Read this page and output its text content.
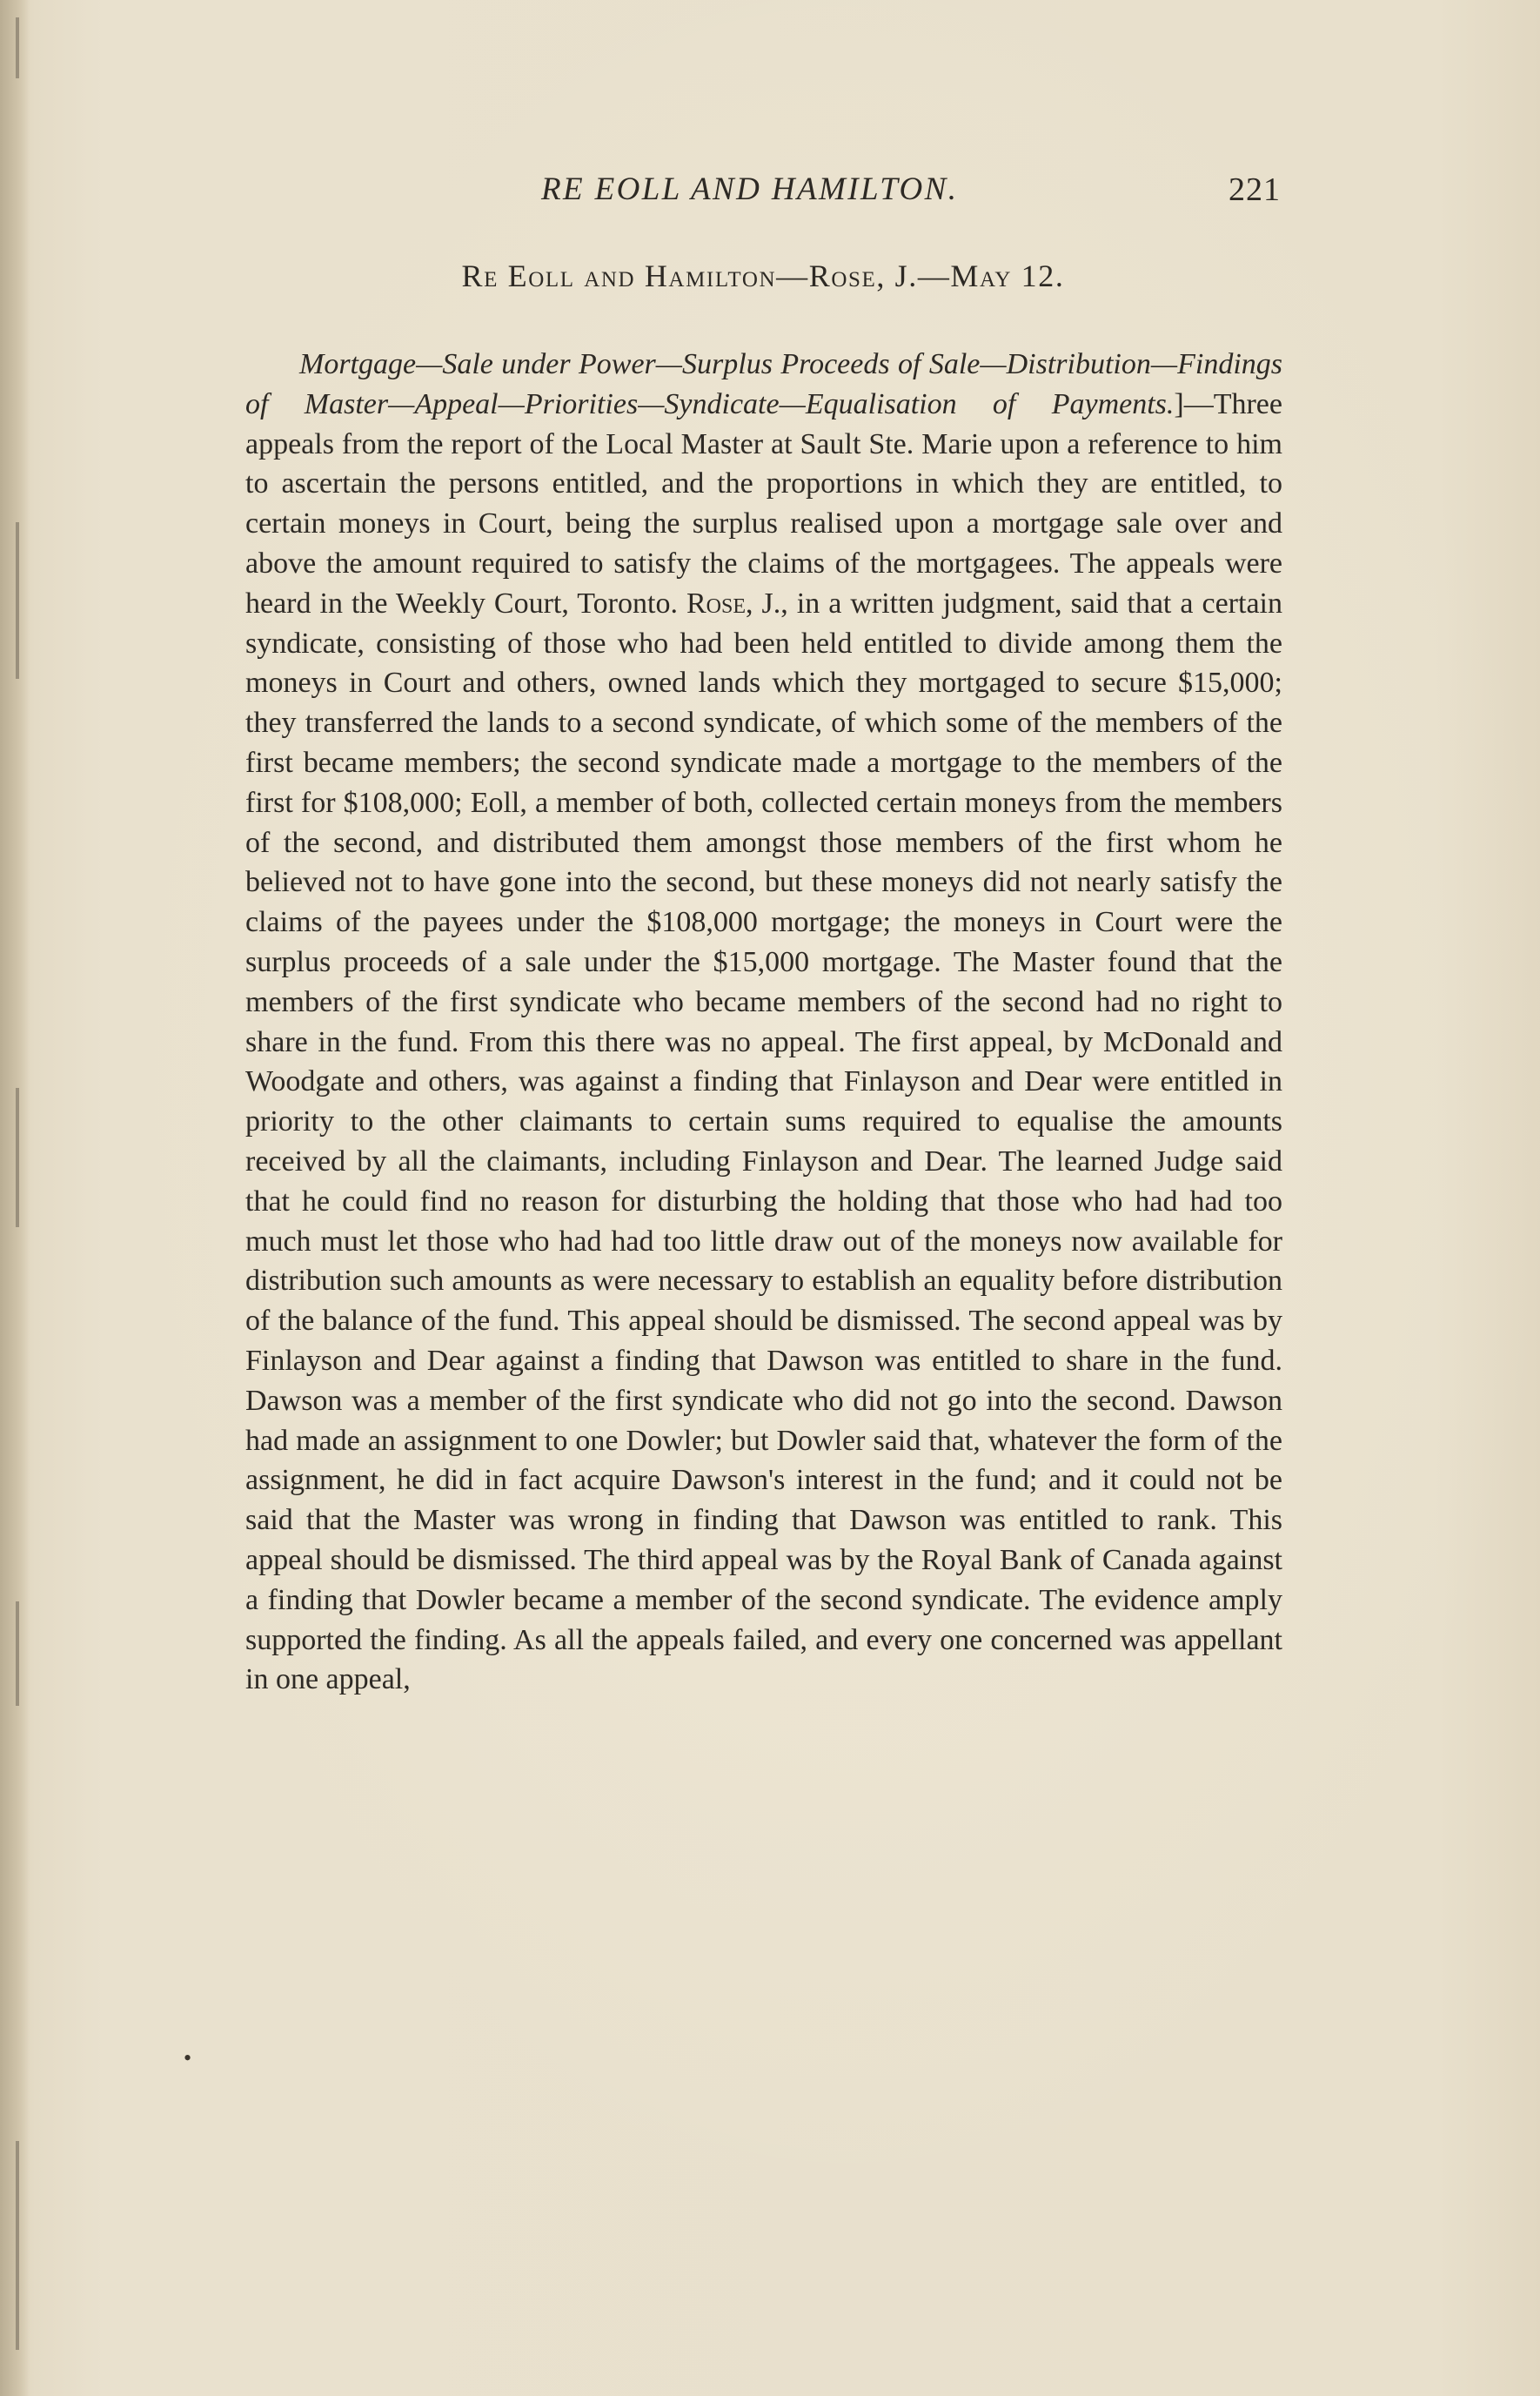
RE EOLL AND HAMILTON.	221
Re Eoll and Hamilton—Rose, J.—May 12.

Mortgage—Sale under Power—Surplus Proceeds of Sale—Distribution—Findings of Master—Appeal—Priorities—Syndicate—Equalisation of Payments.]—Three appeals from the report of the Local Master at Sault Ste. Marie upon a reference to him to ascertain the persons entitled, and the proportions in which they are entitled, to certain moneys in Court, being the surplus realised upon a mortgage sale over and above the amount required to satisfy the claims of the mortgagees. The appeals were heard in the Weekly Court, Toronto. Rose, J., in a written judgment, said that a certain syndicate, consisting of those who had been held entitled to divide among them the moneys in Court and others, owned lands which they mortgaged to secure $15,000; they transferred the lands to a second syndicate, of which some of the members of the first became members; the second syndicate made a mortgage to the members of the first for $108,000; Eoll, a member of both, collected certain moneys from the members of the second, and distributed them amongst those members of the first whom he believed not to have gone into the second, but these moneys did not nearly satisfy the claims of the payees under the $108,000 mortgage; the moneys in Court were the surplus proceeds of a sale under the $15,000 mortgage. The Master found that the members of the first syndicate who became members of the second had no right to share in the fund. From this there was no appeal. The first appeal, by McDonald and Woodgate and others, was against a finding that Finlayson and Dear were entitled in priority to the other claimants to certain sums required to equalise the amounts received by all the claimants, including Finlayson and Dear. The learned Judge said that he could find no reason for disturbing the holding that those who had had too much must let those who had had too little draw out of the moneys now available for distribution such amounts as were necessary to establish an equality before distribution of the balance of the fund. This appeal should be dismissed. The second appeal was by Finlayson and Dear against a finding that Dawson was entitled to share in the fund. Dawson was a member of the first syndicate who did not go into the second. Dawson had made an assignment to one Dowler; but Dowler said that, whatever the form of the assignment, he did in fact acquire Dawson's interest in the fund; and it could not be said that the Master was wrong in finding that Dawson was entitled to rank. This appeal should be dismissed. The third appeal was by the Royal Bank of Canada against a finding that Dowler became a member of the second syndicate. The evidence amply supported the finding. As all the appeals failed, and every one concerned was appellant in one appeal,

•
